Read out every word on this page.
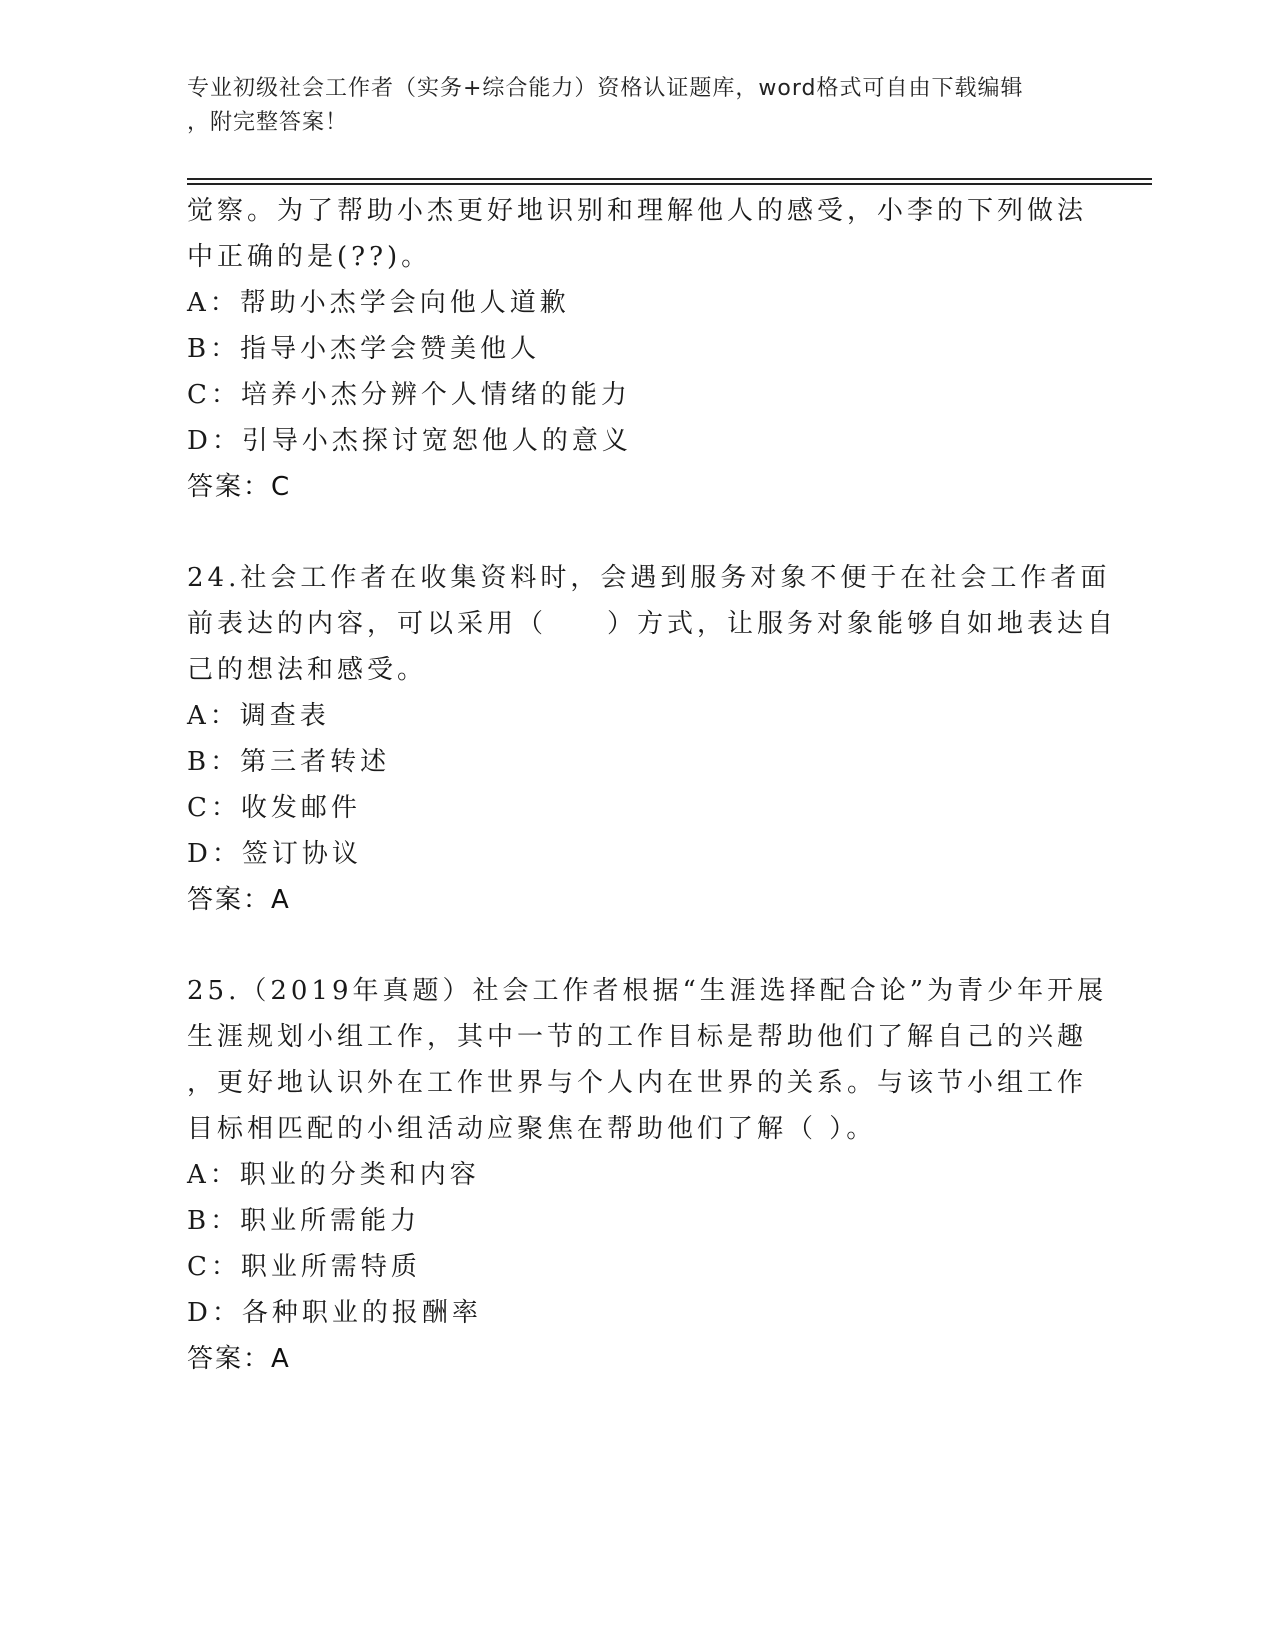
专业初级社会工作者（实务+综合能力）资格认证题库，word格式可自由下载编辑
，附完整答案！
觉察。为了帮助小杰更好地识别和理解他人的感受，小李的下列做法
中正确的是(??)。
A：帮助小杰学会向他人道歉
B：指导小杰学会赞美他人
C：培养小杰分辨个人情绪的能力
D：引导小杰探讨宽恕他人的意义
答案：C
24.社会工作者在收集资料时，会遇到服务对象不便于在社会工作者面
前表达的内容，可以采用（　　）方式，让服务对象能够自如地表达自
己的想法和感受。
A：调查表
B：第三者转述
C：收发邮件
D：签订协议
答案：A
25.（2019年真题）社会工作者根据“生涯选择配合论”为青少年开展
生涯规划小组工作，其中一节的工作目标是帮助他们了解自己的兴趣
，更好地认识外在工作世界与个人内在世界的关系。与该节小组工作
目标相匹配的小组活动应聚焦在帮助他们了解（ ）。
A：职业的分类和内容
B：职业所需能力
C：职业所需特质
D：各种职业的报酬率
答案：A
